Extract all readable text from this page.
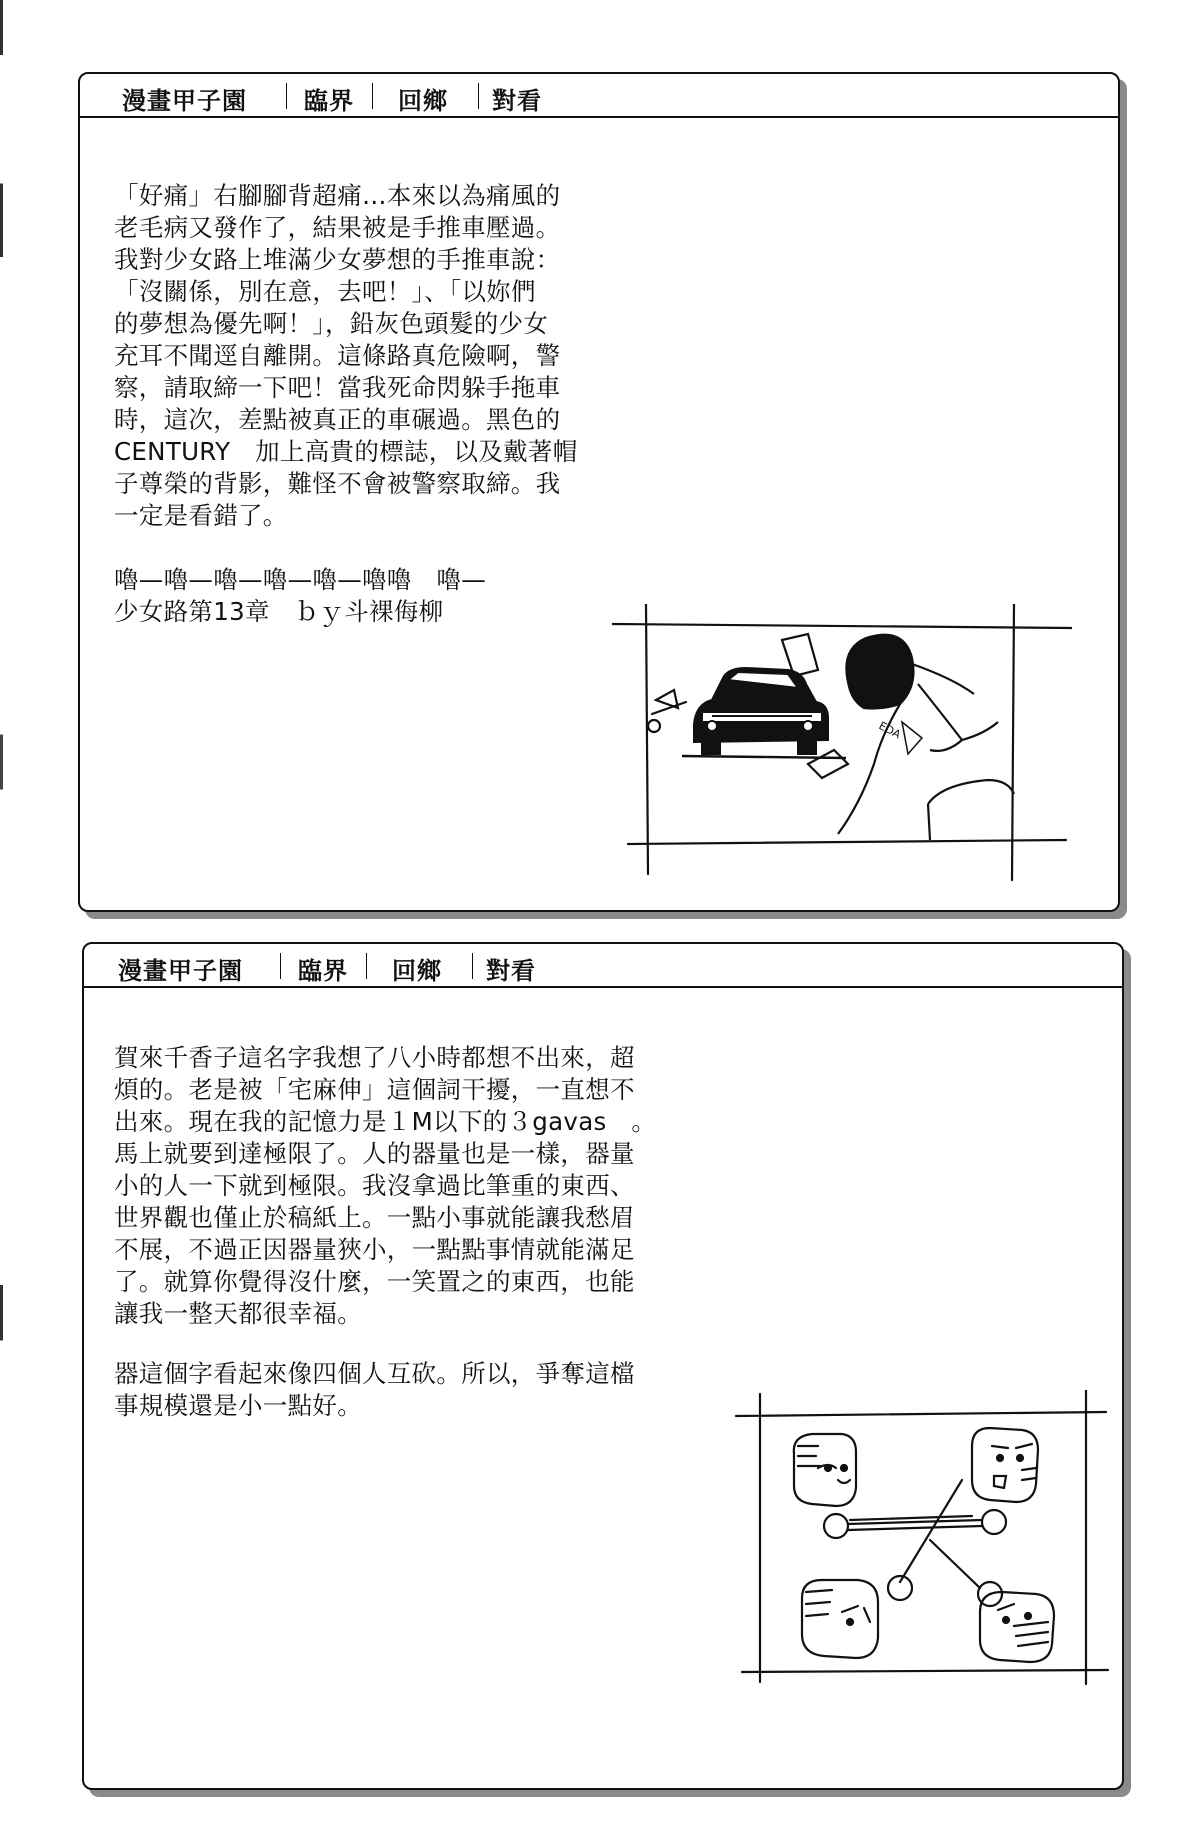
漫畫甲子園 臨界 回鄉 對看
「好痛」右腳腳背超痛…本來以為痛風的
老毛病又發作了，結果被是手推車壓過。
我對少女路上堆滿少女夢想的手推車說：
「沒關係，別在意，去吧！」、「以妳們
的夢想為優先啊！」，鉛灰色頭髮的少女
充耳不聞逕自離開。這條路真危險啊，警
察，請取締一下吧！當我死命閃躲手拖車
時，這次，差點被真正的車碾過。黑色的
CENTURY　加上高貴的標誌，以及戴著帽
子尊榮的背影，難怪不會被警察取締。我
一定是看錯了。
嚕—嚕—嚕—嚕—嚕—嚕嚕　嚕—
少女路第13章　ｂｙ斗裸侮柳
EDA
漫畫甲子園 臨界 回鄉 對看
賀來千香子這名字我想了八小時都想不出來，超
煩的。老是被「宅麻伸」這個詞干擾，一直想不
出來。現在我的記憶力是１M以下的３gavas　。
馬上就要到達極限了。人的器量也是一樣，器量
小的人一下就到極限。我沒拿過比筆重的東西、
世界觀也僅止於稿紙上。一點小事就能讓我愁眉
不展，不過正因器量狹小，一點點事情就能滿足
了。就算你覺得沒什麼，一笑置之的東西，也能
讓我一整天都很幸福。
器這個字看起來像四個人互砍。所以，爭奪這檔
事規模還是小一點好。
